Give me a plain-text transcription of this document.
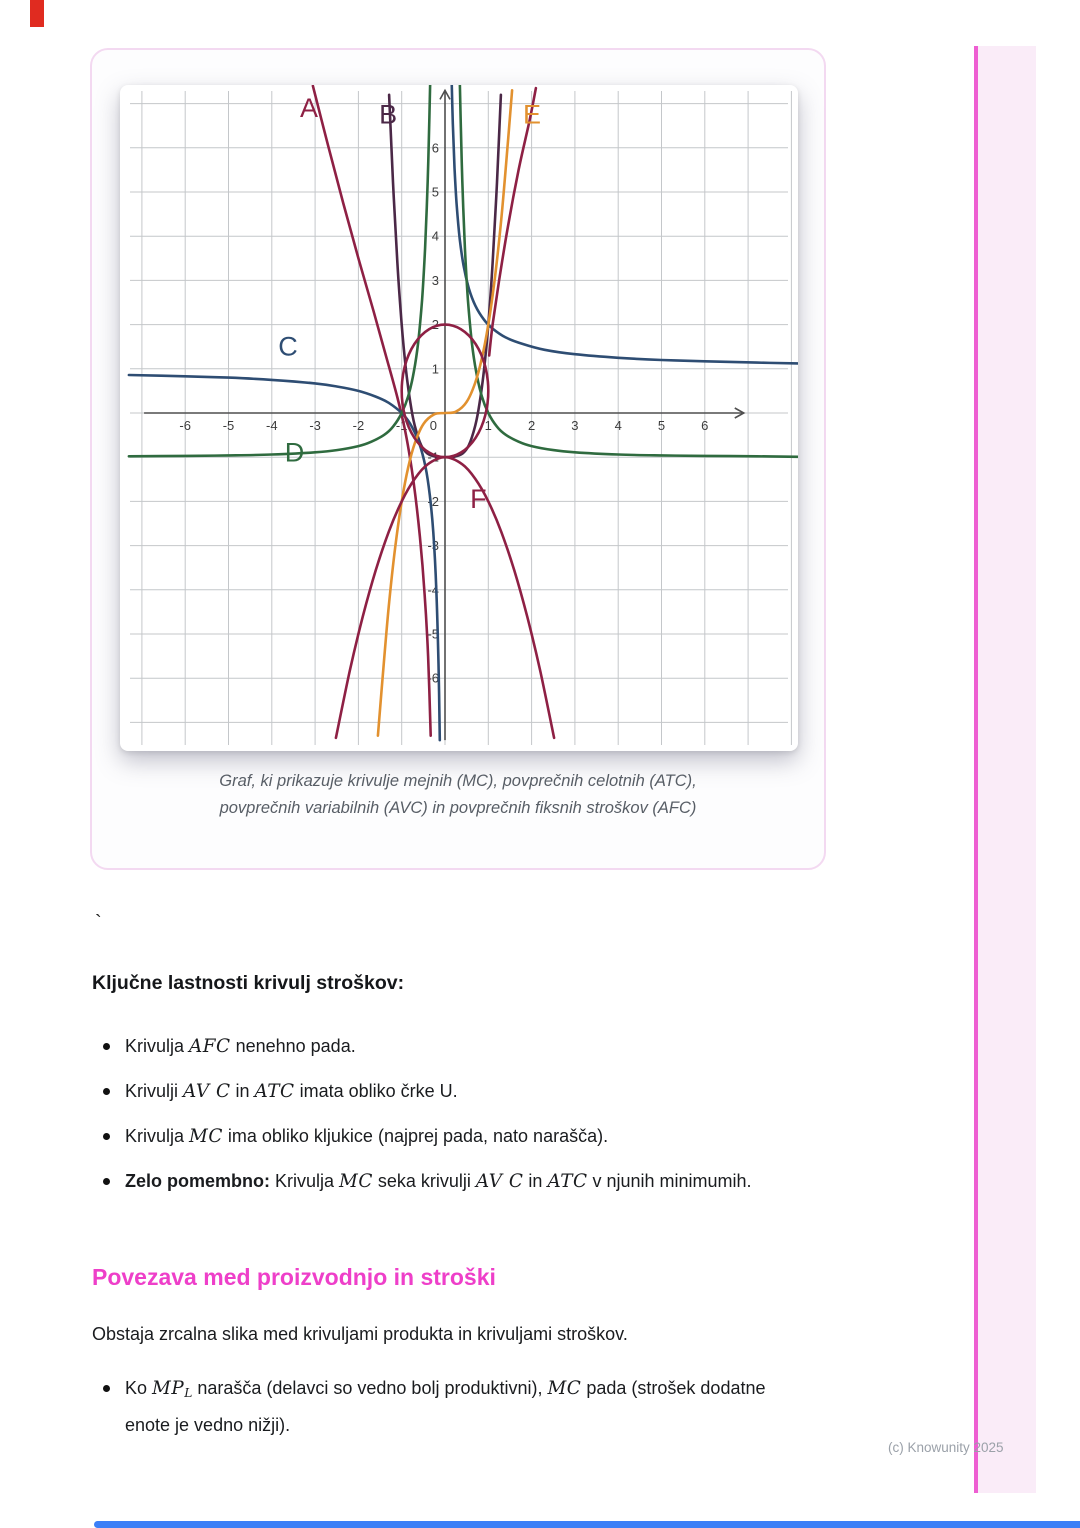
-6 -5 -4 -3 -2 -1	1	2	3	4	5	6
6
5
4
3
2
1
-1
-2
-3
-4
-5
-6
0
A B	E
C
D
F
Graf, ki prikazuje krivulje mejnih (MC), povprečnih celotnih (ATC),
povprečnih variabilnih (AVC) in povprečnih fiksnih stroškov (AFC)
`
Ključne lastnosti krivulj stroškov:
Krivulja AFC nenehno pada.
Krivulji AV C in ATC imata obliko črke U.
Krivulja MC ima obliko kljukice (najprej pada, nato narašča).
Zelo pomembno: Krivulja MC seka krivulji AV C in ATC v njunih minimumih.
Povezava med proizvodnjo in stroški
Obstaja zrcalna slika med krivuljami produkta in krivuljami stroškov.
Ko MPL narašča (delavci so vedno bolj produktivni), MC pada (strošek dodatne enote je vedno nižji).
(c) Knowunity 2025
